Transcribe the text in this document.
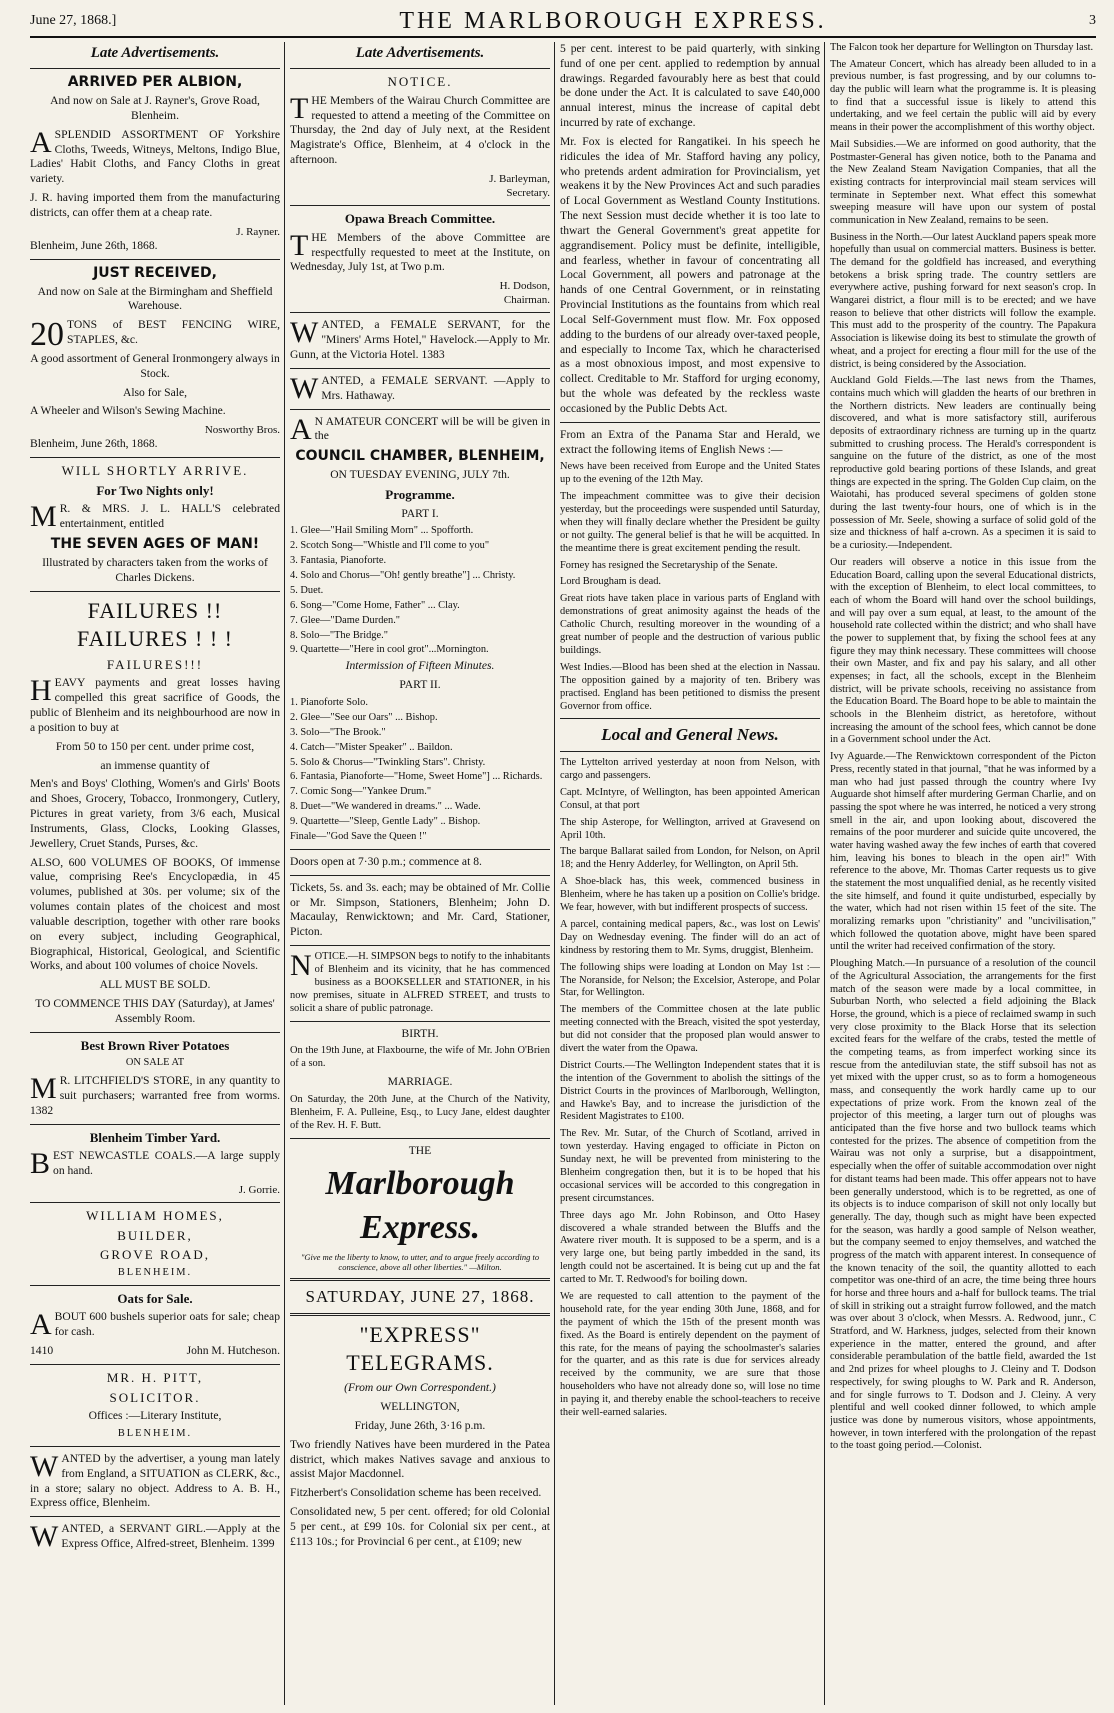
June 27, 1868.]	THE MARLBOROUGH EXPRESS.	3
Late Advertisements.
ARRIVED PER ALBION,

And now on Sale at J. Rayner's, Grove Road, Blenheim.

ASPLENDID ASSORTMENT OF Yorkshire Cloths, Tweeds, Witneys, Meltons, Indigo Blue, Ladies' Habit Cloths, and Fancy Cloths in great variety.

J. R. having imported them from the manufacturing districts, can offer them at a cheap rate.

J. Rayner.

Blenheim, June 26th, 1868.

JUST RECEIVED,

And now on Sale at the Birmingham and Sheffield Warehouse.

20 TONS of BEST FENCING WIRE, STAPLES, &c.

A good assortment of General Ironmongery always in Stock.

Also for Sale,

A Wheeler and Wilson's Sewing Machine.

Nosworthy Bros.

Blenheim, June 26th, 1868.

WILL SHORTLY ARRIVE.
For Two Nights only!

M R. & MRS. J. L. HALL'S celebrated entertainment, entitled

THE SEVEN AGES OF MAN!

Illustrated by characters taken from the works of Charles Dickens.

FAILURES !! FAILURES ! ! !
FAILURES!!!

HEAVY payments and great losses having compelled this great sacrifice of Goods, the public of Blenheim and its neighbourhood are now in a position to buy at

From 50 to 150 per cent. under prime cost,

an immense quantity of

Men's and Boys' Clothing, Women's and Girls' Boots and Shoes, Grocery, Tobacco, Ironmongery, Cutlery, Pictures in great variety, from 3/6 each, Musical Instruments, Glass, Clocks, Looking Glasses, Jewellery, Cruet Stands, Purses, &c.

ALSO, 600 VOLUMES OF BOOKS, Of immense value, comprising Ree's Encyclopædia, in 45 volumes, published at 30s. per volume; six of the volumes contain plates of the choicest and most valuable description, together with other rare books on every subject, including Geographical, Biographical, Historical, Geological, and Scientific Works, and about 100 volumes of choice Novels.

ALL MUST BE SOLD.

TO COMMENCE THIS DAY (Saturday), at James' Assembly Room.

Best Brown River Potatoes

ON SALE AT

M R. LITCHFIELD'S STORE, in any quantity to suit purchasers; warranted free from worms. 1382

Blenheim Timber Yard.

BEST NEWCASTLE COALS.—A large supply on hand.

J. Gorrie.
WILLIAM HOMES,
BUILDER,
GROVE ROAD,
BLENHEIM.
Oats for Sale.

ABOUT 600 bushels superior oats for sale; cheap for cash.

1410	John M. Hutcheson.

MR. H. PITT,
SOLICITOR.

Offices :—Literary Institute,

BLENHEIM.

WANTED by the advertiser, a young man lately from England, a SITUATION as CLERK, &c., in a store; salary no object. Address to A. B. H., Express office, Blenheim.

WANTED, a SERVANT GIRL.—Apply at the Express Office, Alfred-street, Blenheim. 1399

Late Advertisements.
NOTICE.

THE Members of the Wairau Church Committee are requested to attend a meeting of the Committee on Thursday, the 2nd day of July next, at the Resident Magistrate's Office, Blenheim, at 4 o'clock in the afternoon.

J. Barleyman,
Secretary.
Opawa Breach Committee.

THE Members of the above Committee are respectfully requested to meet at the Institute, on Wednesday, July 1st, at Two p.m.

H. Dodson,
Chairman.

WANTED, a FEMALE SERVANT, for the "Miners' Arms Hotel," Havelock.—Apply to Mr. Gunn, at the Victoria Hotel. 1383

WANTED, a FEMALE SERVANT. —Apply to Mrs. Hathaway.

A N AMATEUR CONCERT will be will be given in the

COUNCIL CHAMBER, BLENHEIM,

ON TUESDAY EVENING, JULY 7th.

Programme.

PART I.

1. Glee—"Hail Smiling Morn" ... Spofforth.

2. Scotch Song—"Whistle and I'll come to you"

3. Fantasia, Pianoforte.

4. Solo and Chorus—"Oh! gently breathe"] ... Christy.

5. Duet.

6. Song—"Come Home, Father" ... Clay.

7. Glee—"Dame Durden."

8. Solo—"The Bridge."

9. Quartette—"Here in cool grot"...Mornington.

Intermission of Fifteen Minutes.

PART II.

1. Pianoforte Solo.

2. Glee—"See our Oars" ... Bishop.

3. Solo—"The Brook."

4. Catch—"Mister Speaker" .. Baildon.

5. Solo & Chorus—"Twinkling Stars". Christy.

6. Fantasia, Pianoforte—"Home, Sweet Home"] ... Richards.

7. Comic Song—"Yankee Drum."

8. Duet—"We wandered in dreams." ... Wade.

9. Quartette—"Sleep, Gentle Lady" .. Bishop.

Finale—"God Save the Queen !"

Doors open at 7·30 p.m.; commence at 8.

Tickets, 5s. and 3s. each; may be obtained of Mr. Collie or Mr. Simpson, Stationers, Blenheim; John D. Macaulay, Renwicktown; and Mr. Card, Stationer, Picton.

NOTICE.—H. SIMPSON begs to notify to the inhabitants of Blenheim and its vicinity, that he has commenced business as a BOOKSELLER and STATIONER, in his now premises, situate in ALFRED STREET, and trusts to solicit a share of public patronage.

BIRTH.

On the 19th June, at Flaxbourne, the wife of Mr. John O'Brien of a son.

MARRIAGE.

On Saturday, the 20th June, at the Church of the Nativity, Blenheim, F. A. Pulleine, Esq., to Lucy Jane, eldest daughter of the Rev. H. F. Butt.

THE

Marlborough Express.
"Give me the liberty to know, to utter, and to argue freely according to conscience, above all other liberties." —Milton.
SATURDAY, JUNE 27, 1868.
"EXPRESS" TELEGRAMS.

(From our Own Correspondent.)

WELLINGTON,

Friday, June 26th, 3·16 p.m.

Two friendly Natives have been murdered in the Patea district, which makes Natives savage and anxious to assist Major Macdonnel.

Fitzherbert's Consolidation scheme has been received.

Consolidated new, 5 per cent. offered; for old Colonial 5 per cent., at £99 10s. for Colonial six per cent., at £113 10s.; for Provincial 6 per cent., at £109; new

5 per cent. interest to be paid quarterly, with sinking fund of one per cent. applied to redemption by annual drawings. Regarded favourably here as best that could be done under the Act. It is calculated to save £40,000 annual interest, minus the increase of capital debt incurred by rate of exchange.

Mr. Fox is elected for Rangatikei. In his speech he ridicules the idea of Mr. Stafford having any policy, who pretends ardent admiration for Provincialism, yet weakens it by the New Provinces Act and such paradies of Local Government as Westland County Institutions. The next Session must decide whether it is too late to thwart the General Government's great appetite for aggrandisement. Policy must be definite, intelligible, and fearless, whether in favour of concentrating all Local Government, all powers and patronage at the hands of one Central Government, or in reinstating Provincial Institutions as the fountains from which real Local Self-Government must flow. Mr. Fox opposed adding to the burdens of our already over-taxed people, and especially to Income Tax, which he characterised as a most obnoxious impost, and most expensive to collect. Creditable to Mr. Stafford for urging economy, but the whole was defeated by the reckless waste occasioned by the Public Debts Act.

From an Extra of the Panama Star and Herald, we extract the following items of English News :—

News have been received from Europe and the United States up to the evening of the 12th May.

The impeachment committee was to give their decision yesterday, but the proceedings were suspended until Saturday, when they will finally declare whether the President be guilty or not guilty. The general belief is that he will be acquitted. In the meantime there is great excitement pending the result.

Forney has resigned the Secretaryship of the Senate.

Lord Brougham is dead.

Great riots have taken place in various parts of England with demonstrations of great animosity against the heads of the Catholic Church, resulting moreover in the wounding of a great number of people and the destruction of various public buildings.

West Indies.—Blood has been shed at the election in Nassau. The opposition gained by a majority of ten. Bribery was practised. England has been petitioned to dismiss the present Governor from office.

Local and General News.

The Lyttelton arrived yesterday at noon from Nelson, with cargo and passengers.

Capt. McIntyre, of Wellington, has been appointed American Consul, at that port

The ship Asterope, for Wellington, arrived at Gravesend on April 10th.

The barque Ballarat sailed from London, for Nelson, on April 18; and the Henry Adderley, for Wellington, on April 5th.

A Shoe-black has, this week, commenced business in Blenheim, where he has taken up a position on Collie's bridge. We fear, however, with but indifferent prospects of success.

A parcel, containing medical papers, &c., was lost on Lewis' Day on Wednesday evening. The finder will do an act of kindness by restoring them to Mr. Syms, druggist, Blenheim.

The following ships were loading at London on May 1st :—The Noranside, for Nelson; the Excelsior, Asterope, and Polar Star, for Wellington.

The members of the Committee chosen at the late public meeting connected with the Breach, visited the spot yesterday, but did not consider that the proposed plan would answer to divert the water from the Opawa.

District Courts.—The Wellington Independent states that it is the intention of the Government to abolish the sittings of the District Courts in the provinces of Marlborough, Wellington, and Hawke's Bay, and to increase the jurisdiction of the Resident Magistrates to £100.

The Rev. Mr. Sutar, of the Church of Scotland, arrived in town yesterday. Having engaged to officiate in Picton on Sunday next, he will be prevented from ministering to the Blenheim congregation then, but it is to be hoped that his occasional services will be accorded to this congregation in present circumstances.

Three days ago Mr. John Robinson, and Otto Hasey discovered a whale stranded between the Bluffs and the Awatere river mouth. It is supposed to be a sperm, and is a very large one, but being partly imbedded in the sand, its length could not be ascertained. It is being cut up and the fat carted to Mr. T. Redwood's for boiling down.

We are requested to call attention to the payment of the household rate, for the year ending 30th June, 1868, and for the payment of which the 15th of the present month was fixed. As the Board is entirely dependent on the payment of this rate, for the means of paying the schoolmaster's salaries for the quarter, and as this rate is due for services already received by the community, we are sure that those householders who have not already done so, will lose no time in paying it, and thereby enable the school-teachers to receive their well-earned salaries.

The Falcon took her departure for Wellington on Thursday last.

The Amateur Concert, which has already been alluded to in a previous number, is fast progressing, and by our columns to-day the public will learn what the programme is. It is pleasing to find that a successful issue is likely to attend this undertaking, and we feel certain the public will aid by every means in their power the accomplishment of this worthy object.

Mail Subsidies.—We are informed on good authority, that the Postmaster-General has given notice, both to the Panama and the New Zealand Steam Navigation Companies, that all the existing contracts for interprovincial mail steam services will terminate in September next. What effect this somewhat sweeping measure will have upon our system of postal communication in New Zealand, remains to be seen.

Business in the North.—Our latest Auckland papers speak more hopefully than usual on commercial matters. Business is better. The demand for the goldfield has increased, and everything betokens a brisk spring trade. The country settlers are everywhere active, pushing forward for next season's crop. In Wangarei district, a flour mill is to be erected; and we have reason to believe that other districts will follow the example. This must add to the prosperity of the country. The Papakura Association is likewise doing its best to stimulate the growth of wheat, and a project for erecting a flour mill for the use of the district, is being considered by the Association.

Auckland Gold Fields.—The last news from the Thames, contains much which will gladden the hearts of our brethren in the Northern districts. New leaders are continually being discovered, and what is more satisfactory still, auriferous deposits of extraordinary richness are turning up in the quartz submitted to crushing process. The Herald's correspondent is sanguine on the future of the district, as one of the most reproductive gold bearing portions of these Islands, and great things are expected in the spring. The Golden Cup claim, on the Waiotahi, has produced several specimens of golden stone during the last twenty-four hours, one of which is in the possession of Mr. Seele, showing a surface of solid gold of the size and thickness of half a-crown. As a specimen it is said to be a curiosity.—Independent.

Our readers will observe a notice in this issue from the Education Board, calling upon the several Educational districts, with the exception of Blenheim, to elect local committees, to each of whom the Board will hand over the school buildings, and will pay over a sum equal, at least, to the amount of the household rate collected within the district; and who shall have the power to supplement that, by fixing the school fees at any figure they may think necessary. These committees will choose their own Master, and fix and pay his salary, and all other expenses; in fact, all the schools, except in the Blenheim district, will be private schools, receiving no assistance from the Education Board. The Board hope to be able to maintain the schools in the Blenheim district, as heretofore, without increasing the amount of the school fees, which cannot be done in a Government school under the Act.

Ivy Aguarde.—The Renwicktown correspondent of the Picton Press, recently stated in that journal, "that he was informed by a man who had just passed through the country where Ivy Auguarde shot himself after murdering German Charlie, and on passing the spot where he was interred, he noticed a very strong smell in the air, and upon looking about, discovered the remains of the poor murderer and suicide quite uncovered, the water having washed away the few inches of earth that covered him, leaving his bones to bleach in the open air!" With reference to the above, Mr. Thomas Carter requests us to give the statement the most unqualified denial, as he recently visited the site himself, and found it quite undisturbed, especially by the water, which had not risen within 15 feet of the site. The moralizing remarks upon "christianity" and "uncivilisation," which followed the quotation above, might have been spared until the writer had received confirmation of the story.

Ploughing Match.—In pursuance of a resolution of the council of the Agricultural Association, the arrangements for the first match of the season were made by a local committee, in Suburban North, who selected a field adjoining the Black Horse, the ground, which is a piece of reclaimed swamp in such very close proximity to the Black Horse that its selection excited fears for the welfare of the crabs, tested the mettle of the competing teams, as from imperfect working since its rescue from the antediluvian state, the stiff subsoil has not as yet mixed with the upper crust, so as to form a homogeneous mass, and consequently the work hardly came up to our expectations of prize work. From the known zeal of the projector of this meeting, a larger turn out of ploughs was anticipated than the five horse and two bullock teams which contested for the prizes. The absence of competition from the Wairau was not only a surprise, but a disappointment, especially when the offer of suitable accommodation over night for distant teams had been made. This offer appears not to have been generally understood, which is to be regretted, as one of its objects is to induce comparison of skill not only locally but generally. The day, though such as might have been expected for the season, was hardly a good sample of Nelson weather, but the company seemed to enjoy themselves, and watched the progress of the match with apparent interest. In consequence of the known tenacity of the soil, the quantity allotted to each competitor was one-third of an acre, the time being three hours for horse and three hours and a-half for bullock teams. The trial of skill in striking out a straight furrow followed, and the match was over about 3 o'clock, when Messrs. A. Redwood, junr., C Stratford, and W. Harkness, judges, selected from their known experience in the matter, entered the ground, and after considerable perambulation of the battle field, awarded the 1st and 2nd prizes for wheel ploughs to J. Cleiny and T. Dodson respectively, for swing ploughs to W. Park and R. Anderson, and for single furrows to T. Dodson and J. Cleiny. A very plentiful and well cooked dinner followed, to which ample justice was done by numerous visitors, whose appointments, however, in town interfered with the prolongation of the repast to the toast going period.—Colonist.
